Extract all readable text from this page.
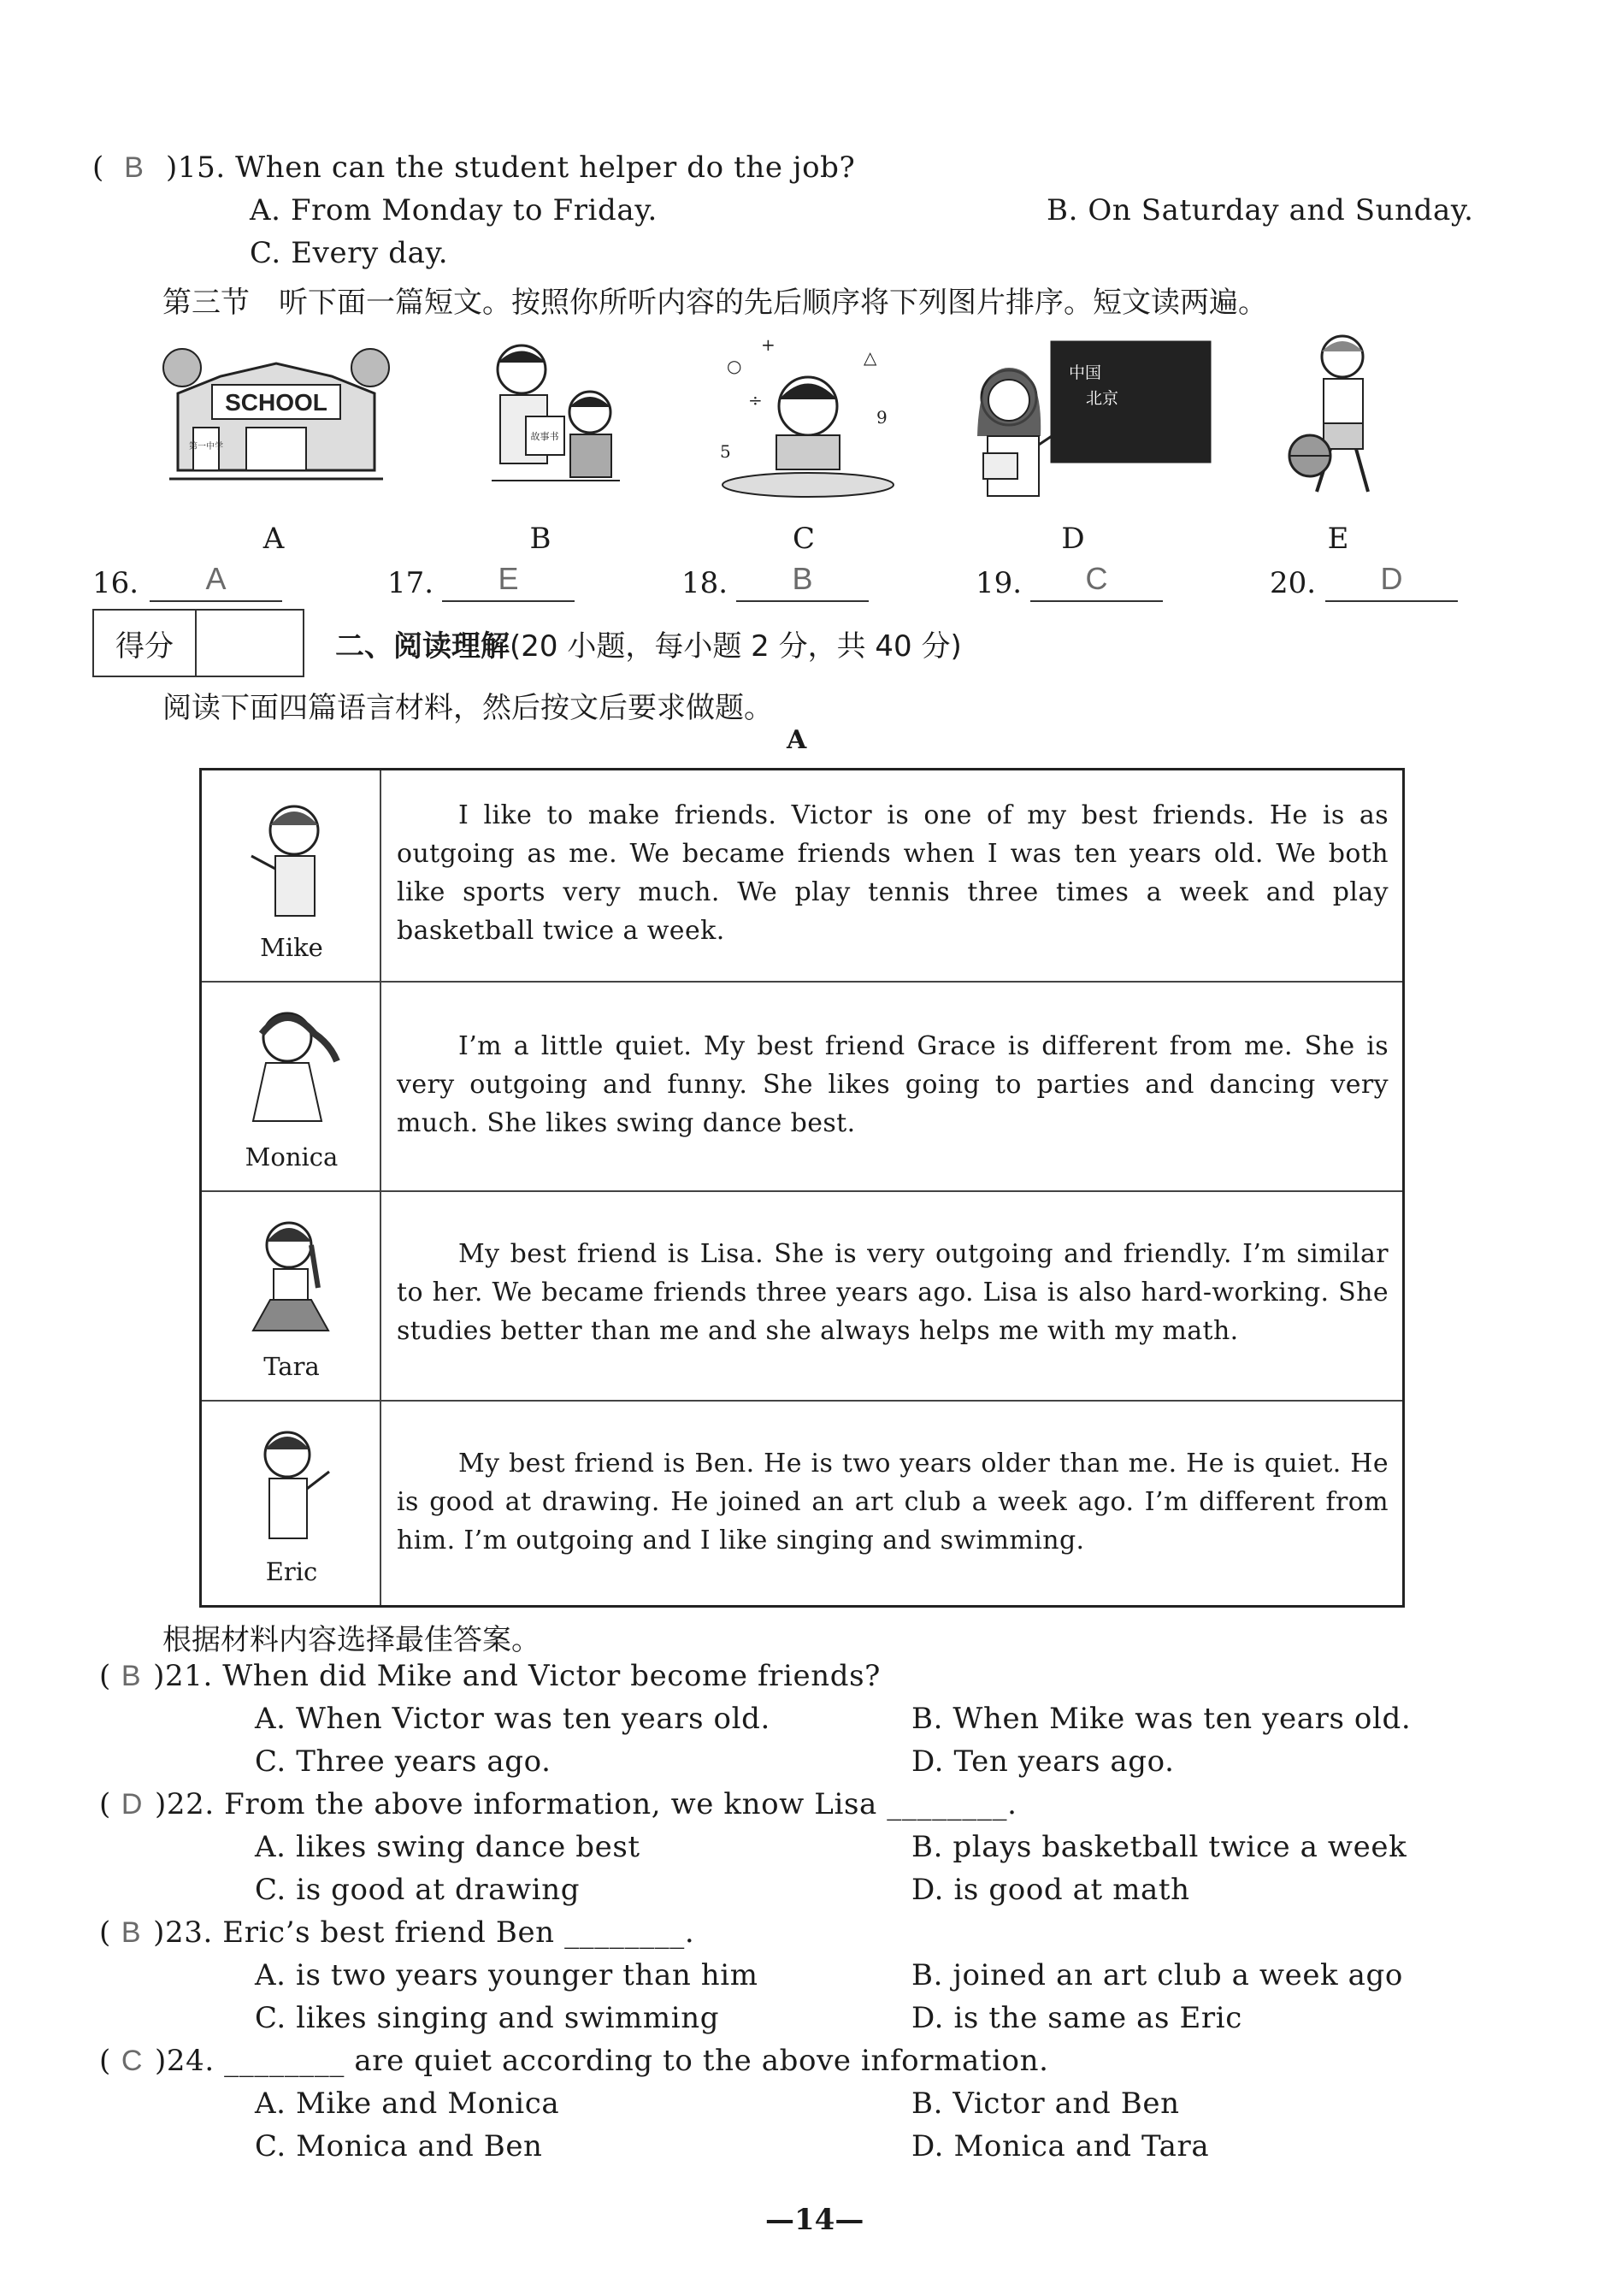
( B )15. When can the student helper do the job?
A. From Monday to Friday.	B. On Saturday and Sunday.
C. Every day.
第三节　听下面一篇短文。按照你所听内容的先后顺序将下列图片排序。短文读两遍。
SCHOOL
第一中学
故事书
○
÷
△
9
5
+
中国
北京
A	B	C	D	E
16.	A	17.	E	18.	B	19.	C	20.	D
得分	二、阅读理解(20 小题，每小题 2 分，共 40 分)
阅读下面四篇语言材料，然后按文后要求做题。
A
Mike
I like to make friends. Victor is one of my best friends. He is as outgoing as me. We became friends when I was ten years old. We both like sports very much. We play tennis three times a week and play basketball twice a week.
Monica
I’m a little quiet. My best friend Grace is different from me. She is very outgoing and funny. She likes going to parties and dancing very much. She likes swing dance best.
Tara
My best friend is Lisa. She is very outgoing and friendly. I’m similar to her. We became friends three years ago. Lisa is also hard-working. She studies better than me and she always helps me with my math.
Eric
My best friend is Ben. He is two years older than me. He is quiet. He is good at drawing. He joined an art club a week ago. I’m different from him. I’m outgoing and I like singing and swimming.
根据材料内容选择最佳答案。
( B )21. When did Mike and Victor become friends?
A. When Victor was ten years old.	B. When Mike was ten years old.
C. Three years ago.	D. Ten years ago.
( D )22. From the above information, we know Lisa ________.
A. likes swing dance best	B. plays basketball twice a week
C. is good at drawing	D. is good at math
( B )23. Eric’s best friend Ben ________.
A. is two years younger than him	B. joined an art club a week ago
C. likes singing and swimming	D. is the same as Eric
( C )24. ________ are quiet according to the above information.
A. Mike and Monica	B. Victor and Ben
C. Monica and Ben	D. Monica and Tara
—14—
